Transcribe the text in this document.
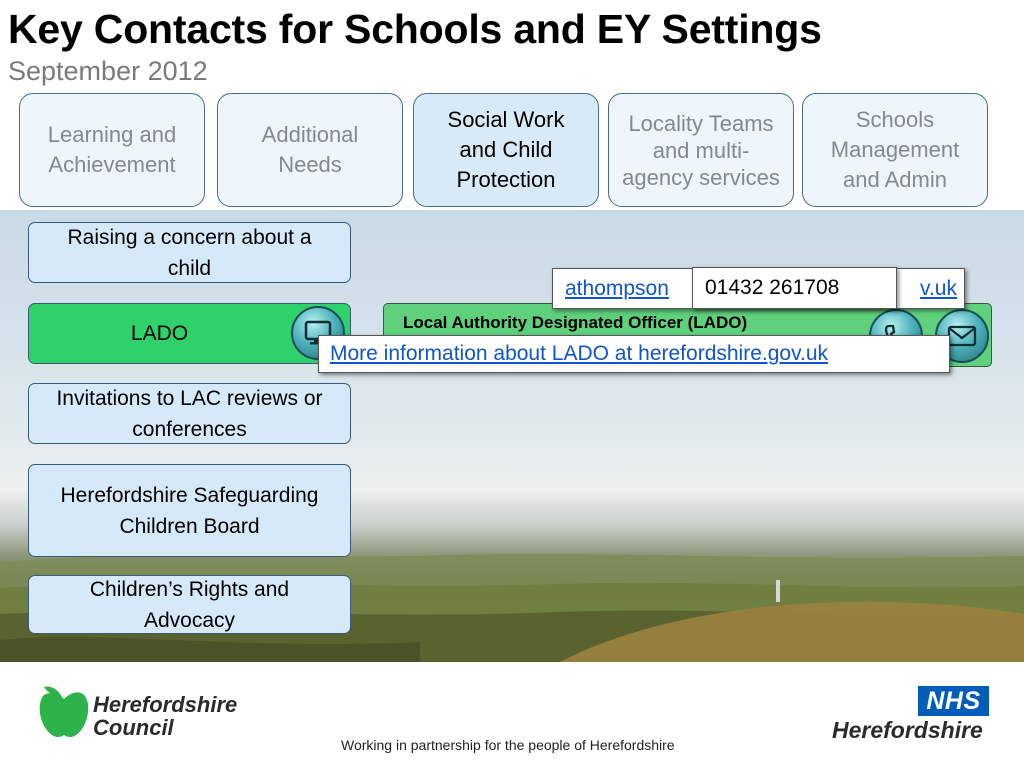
Key Contacts for Schools and EY Settings
September 2012
Learning and Achievement
Additional Needs
Social Work and Child Protection
Locality Teams and multi-agency services
Schools Management and Admin
Raising a concern about a child
LADO
Invitations to LAC reviews or conferences
Herefordshire Safeguarding Children Board
Children’s Rights and Advocacy
Local Authority Designated Officer (LADO)
athompson	v.uk
01432 261708
More information about LADO at herefordshire.gov.uk
Herefordshire
Council
Working in partnership for the people of Herefordshire
NHS
Herefordshire
